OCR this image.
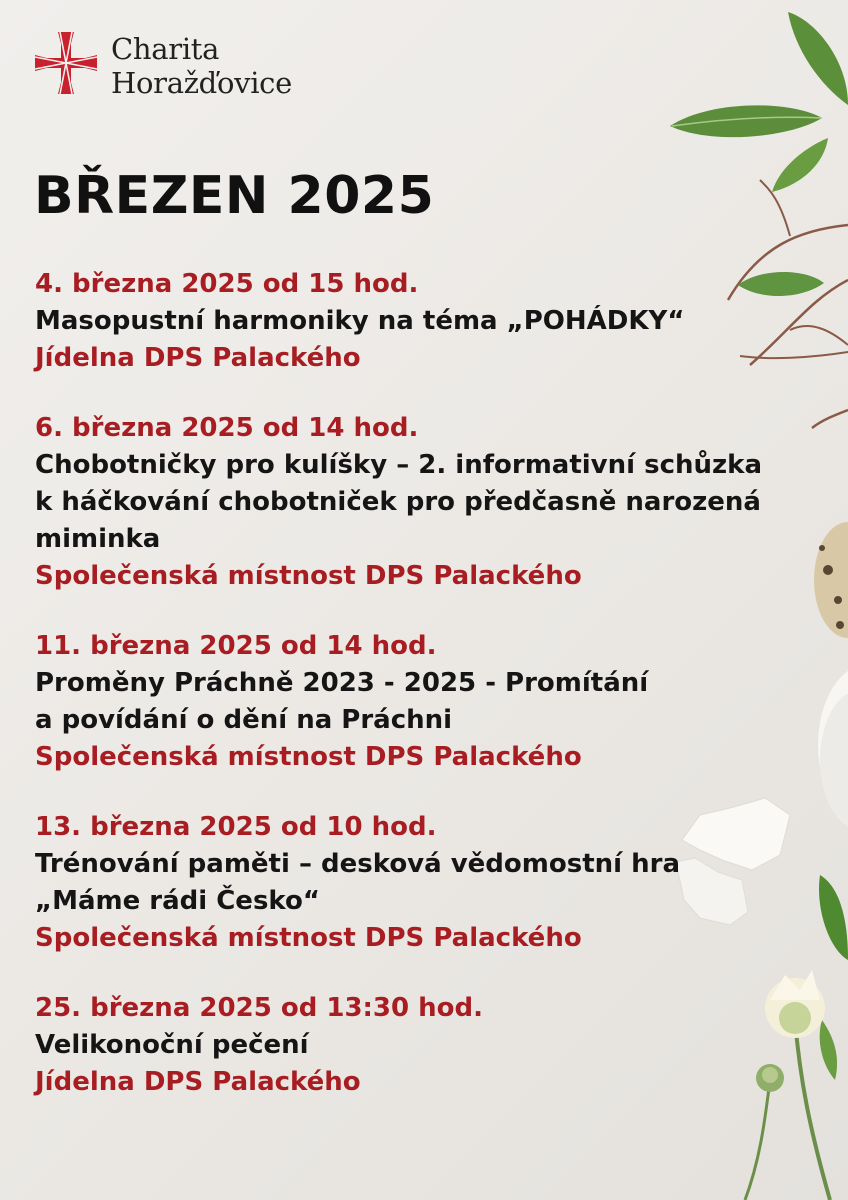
Charita
Horažďovice
BŘEZEN 2025
4. března 2025 od 15 hod.
Masopustní harmoniky na téma „POHÁDKY“
Jídelna DPS Palackého
6. března 2025 od 14 hod.
Chobotničky pro kulíšky – 2. informativní schůzka
k háčkování chobotniček pro předčasně narozená
miminka
Společenská místnost DPS Palackého
11. března 2025 od 14 hod.
Proměny Práchně 2023 - 2025 - Promítání
a povídání o dění na Práchni
Společenská místnost DPS Palackého
13. března 2025 od 10 hod.
Trénování paměti – desková vědomostní hra
„Máme rádi Česko“
Společenská místnost DPS Palackého
25. března 2025 od 13:30 hod.
Velikonoční pečení
Jídelna DPS Palackého
